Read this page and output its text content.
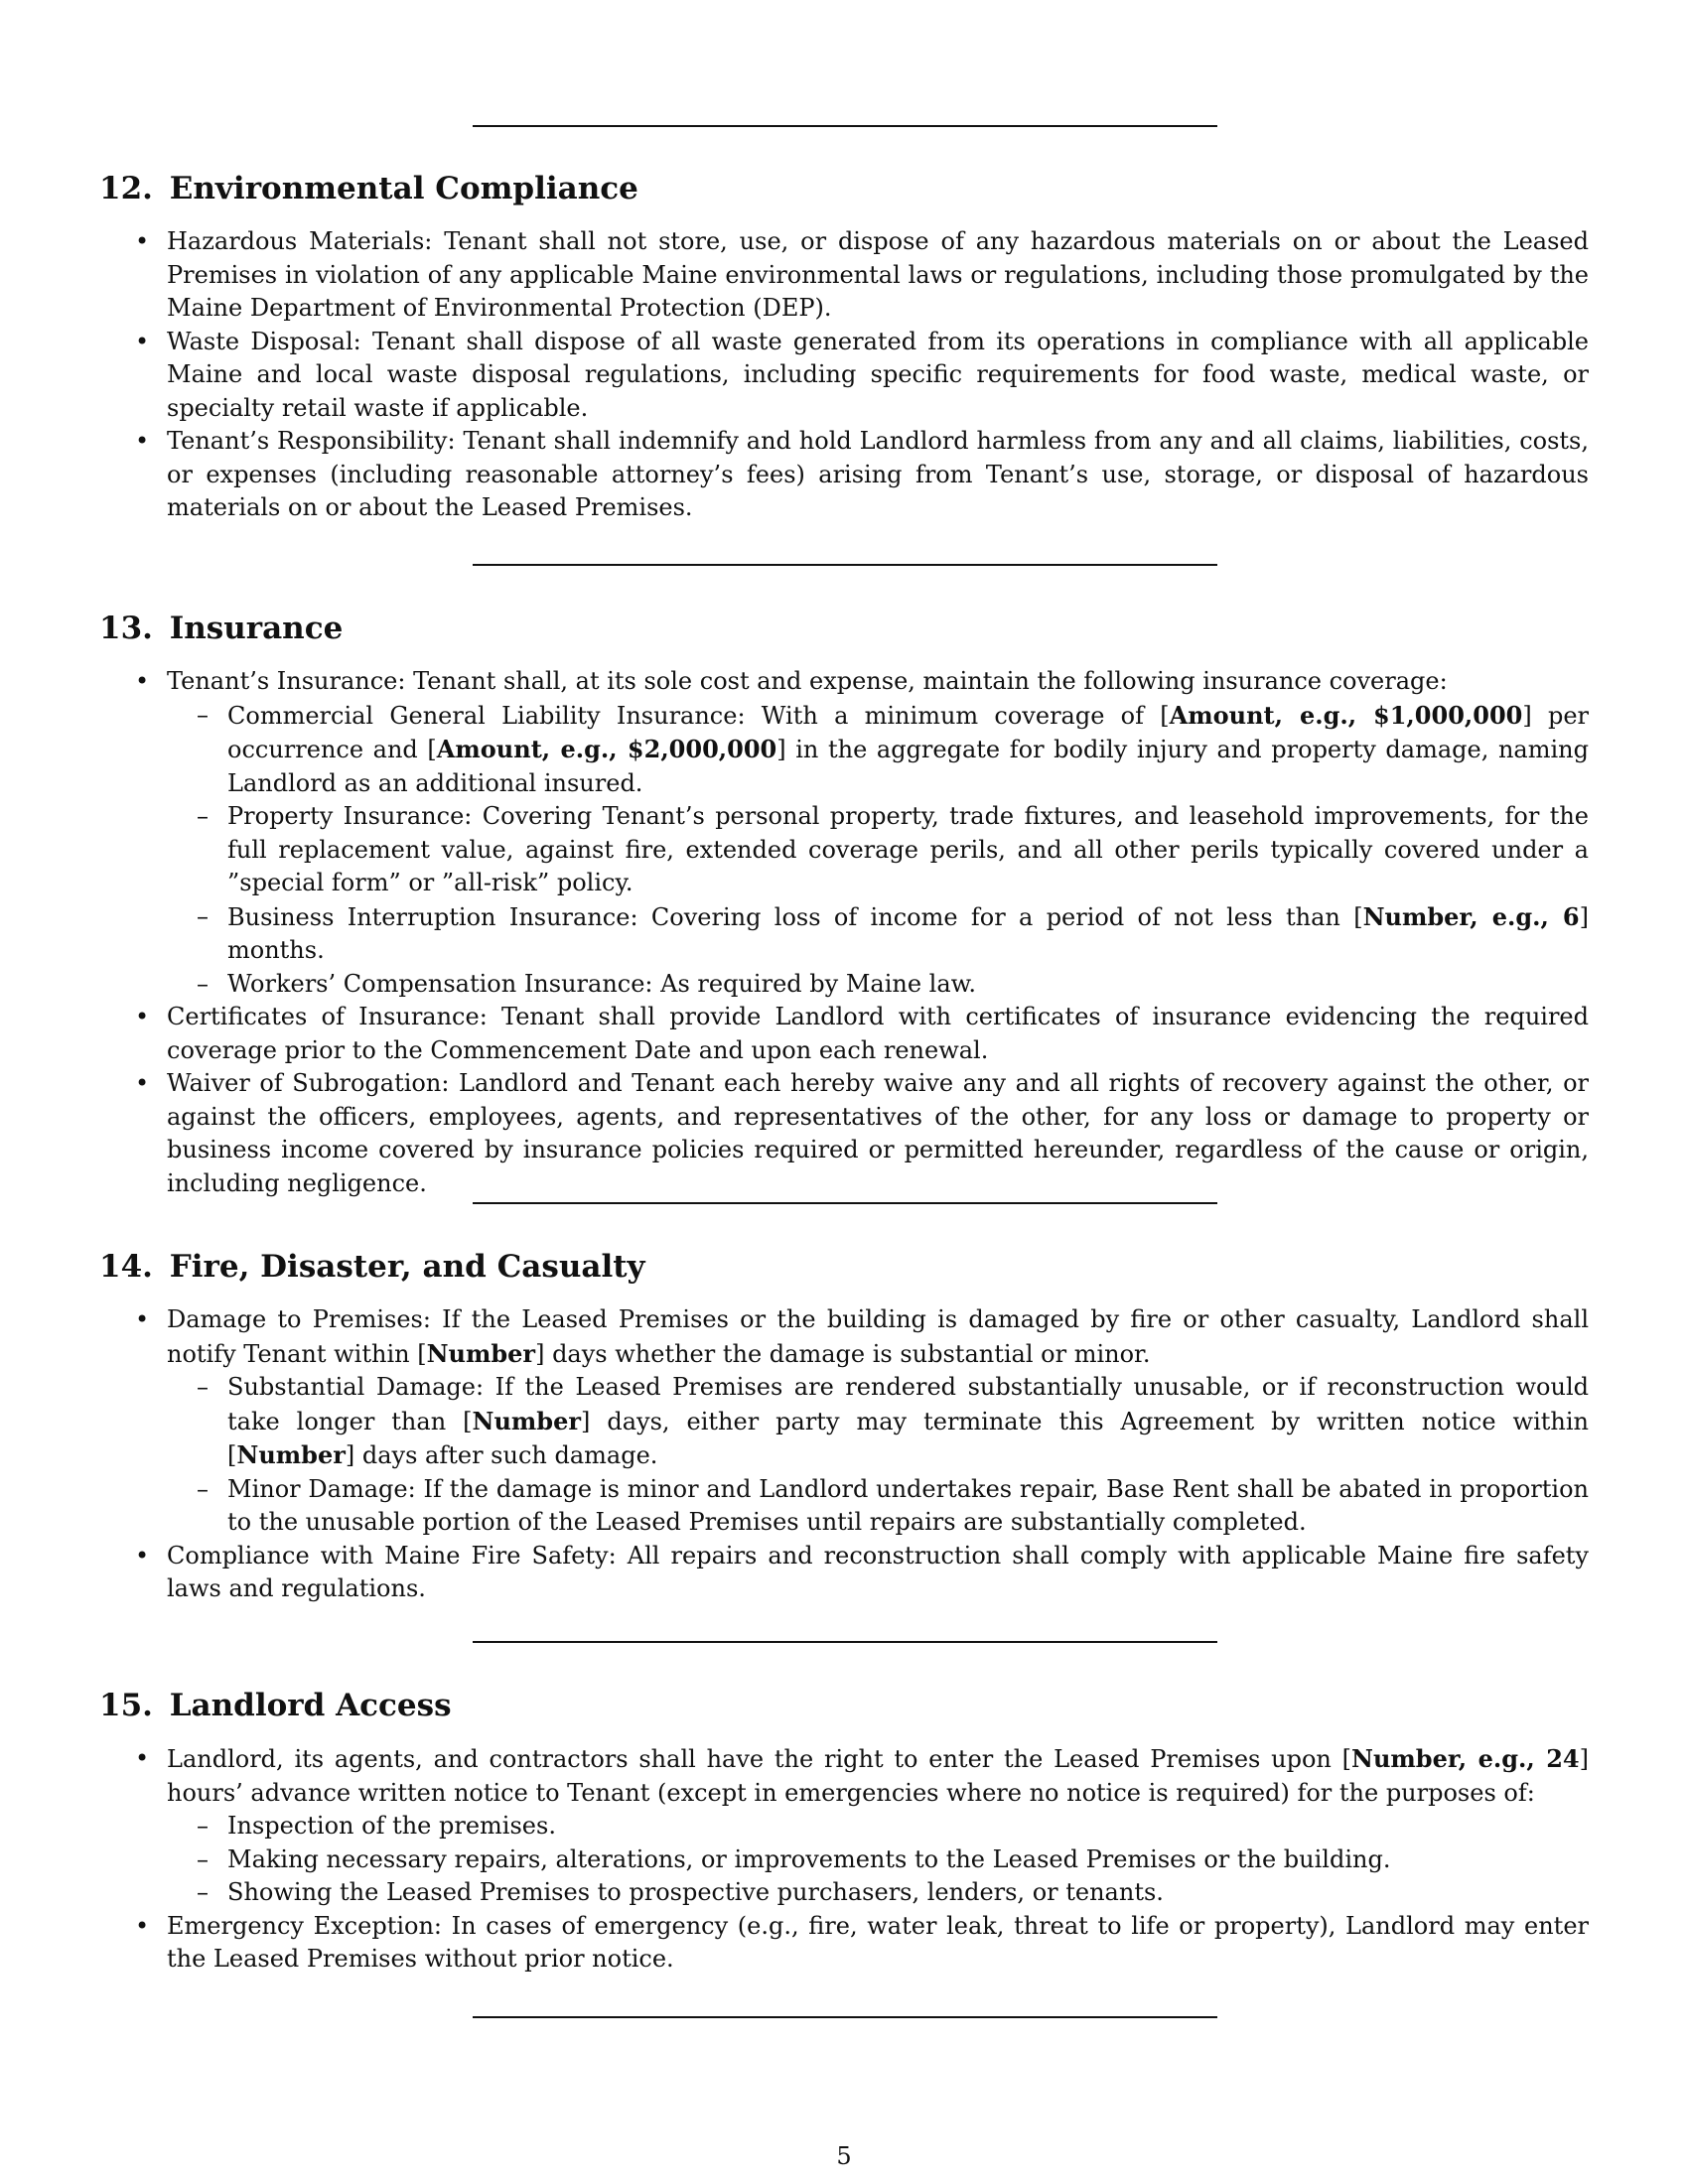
12. Environmental Compliance
• Hazardous Materials: Tenant shall not store, use, or dispose of any hazardous materials on or about the Leased Premises in violation of any applicable Maine environmental laws or regulations, including those promulgated by the Maine Department of Environmental Protection (DEP).
• Waste Disposal: Tenant shall dispose of all waste generated from its operations in compliance with all applicable Maine and local waste disposal regulations, including specific requirements for food waste, medical waste, or specialty retail waste if applicable.
• Tenant’s Responsibility: Tenant shall indemnify and hold Landlord harmless from any and all claims, liabilities, costs, or expenses (including reasonable attorney’s fees) arising from Tenant’s use, storage, or disposal of hazardous materials on or about the Leased Premises.
13. Insurance
• Tenant’s Insurance: Tenant shall, at its sole cost and expense, maintain the following insurance coverage:
– Commercial General Liability Insurance: With a minimum coverage of [Amount, e.g., $1,000,000] per occurrence and [Amount, e.g., $2,000,000] in the aggregate for bodily injury and property damage, naming Landlord as an additional insured.
– Property Insurance: Covering Tenant’s personal property, trade fixtures, and leasehold improvements, for the full replacement value, against fire, extended coverage perils, and all other perils typically covered under a ”special form” or ”all-risk” policy.
– Business Interruption Insurance: Covering loss of income for a period of not less than [Number, e.g., 6] months.
– Workers’ Compensation Insurance: As required by Maine law.
• Certificates of Insurance: Tenant shall provide Landlord with certificates of insurance evidencing the required coverage prior to the Commencement Date and upon each renewal.
• Waiver of Subrogation: Landlord and Tenant each hereby waive any and all rights of recovery against the other, or against the officers, employees, agents, and representatives of the other, for any loss or damage to property or business income covered by insurance policies required or permitted hereunder, regardless of the cause or origin, including negligence.
14. Fire, Disaster, and Casualty
• Damage to Premises: If the Leased Premises or the building is damaged by fire or other casualty, Landlord shall notify Tenant within [Number] days whether the damage is substantial or minor.
– Substantial Damage: If the Leased Premises are rendered substantially unusable, or if reconstruction would take longer than [Number] days, either party may terminate this Agreement by written notice within [Number] days after such damage.
– Minor Damage: If the damage is minor and Landlord undertakes repair, Base Rent shall be abated in proportion to the unusable portion of the Leased Premises until repairs are substantially completed.
• Compliance with Maine Fire Safety: All repairs and reconstruction shall comply with applicable Maine fire safety laws and regulations.
15. Landlord Access
• Landlord, its agents, and contractors shall have the right to enter the Leased Premises upon [Number, e.g., 24] hours’ advance written notice to Tenant (except in emergencies where no notice is required) for the purposes of:
– Inspection of the premises.
– Making necessary repairs, alterations, or improvements to the Leased Premises or the building.
– Showing the Leased Premises to prospective purchasers, lenders, or tenants.
• Emergency Exception: In cases of emergency (e.g., fire, water leak, threat to life or property), Landlord may enter the Leased Premises without prior notice.
5
